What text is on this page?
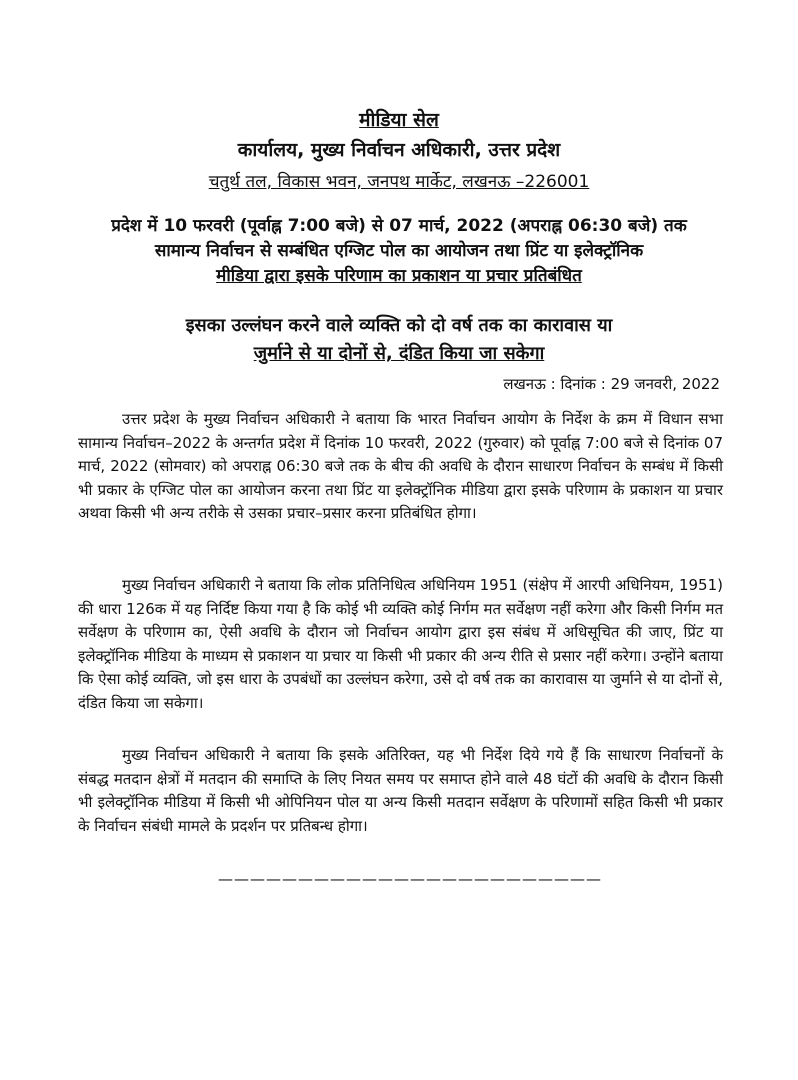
मीडिया सेल
कार्यालय, मुख्य निर्वाचन अधिकारी, उत्तर प्रदेश
चतुर्थ तल, विकास भवन, जनपथ मार्केट, लखनऊ –226001
प्रदेश में 10 फरवरी (पूर्वाह्न 7:00 बजे) से 07 मार्च, 2022 (अपराह्न 06:30 बजे) तक
सामान्य निर्वाचन से सम्बंधित एग्जिट पोल का आयोजन तथा प्रिंट या इलेक्ट्रॉनिक
मीडिया द्वारा इसके परिणाम का प्रकाशन या प्रचार प्रतिबंधित
इसका उल्लंघन करने वाले व्यक्ति को दो वर्ष तक का कारावास या
जुर्माने से या दोनों से, दंडित किया जा सकेगा
लखनऊ : दिनांक : 29 जनवरी, 2022

उत्तर प्रदेश के मुख्य निर्वाचन अधिकारी ने बताया कि भारत निर्वाचन आयोग के निर्देश के क्रम में विधान सभा सामान्य निर्वाचन–2022 के अन्तर्गत प्रदेश में दिनांक 10 फरवरी, 2022 (गुरुवार) को पूर्वाह्न 7:00 बजे से दिनांक 07 मार्च, 2022 (सोमवार) को अपराह्न 06:30 बजे तक के बीच की अवधि के दौरान साधारण निर्वाचन के सम्बंध में किसी भी प्रकार के एग्जिट पोल का आयोजन करना तथा प्रिंट या इलेक्ट्रॉनिक मीडिया द्वारा इसके परिणाम के प्रकाशन या प्रचार अथवा किसी भी अन्य तरीके से उसका प्रचार–प्रसार करना प्रतिबंधित होगा।

मुख्य निर्वाचन अधिकारी ने बताया कि लोक प्रतिनिधित्व अधिनियम 1951 (संक्षेप में आरपी अधिनियम, 1951) की धारा 126क में यह निर्दिष्ट किया गया है कि कोई भी व्यक्ति कोई निर्गम मत सर्वेक्षण नहीं करेगा और किसी निर्गम मत सर्वेक्षण के परिणाम का, ऐसी अवधि के दौरान जो निर्वाचन आयोग द्वारा इस संबंध में अधिसूचित की जाए, प्रिंट या इलेक्ट्रॉनिक मीडिया के माध्यम से प्रकाशन या प्रचार या किसी भी प्रकार की अन्य रीति से प्रसार नहीं करेगा। उन्होंने बताया कि ऐसा कोई व्यक्ति, जो इस धारा के उपबंधों का उल्लंघन करेगा, उसे दो वर्ष तक का कारावास या जुर्माने से या दोनों से, दंडित किया जा सकेगा।

मुख्य निर्वाचन अधिकारी ने बताया कि इसके अतिरिक्त, यह भी निर्देश दिये गये हैं कि साधारण निर्वाचनों के संबद्ध मतदान क्षेत्रों में मतदान की समाप्ति के लिए नियत समय पर समाप्त होने वाले 48 घंटों की अवधि के दौरान किसी भी इलेक्ट्रॉनिक मीडिया में किसी भी ओपिनियन पोल या अन्य किसी मतदान सर्वेक्षण के परिणामों सहित किसी भी प्रकार के निर्वाचन संबंधी मामले के प्रदर्शन पर प्रतिबन्ध होगा।

————————————————————————
